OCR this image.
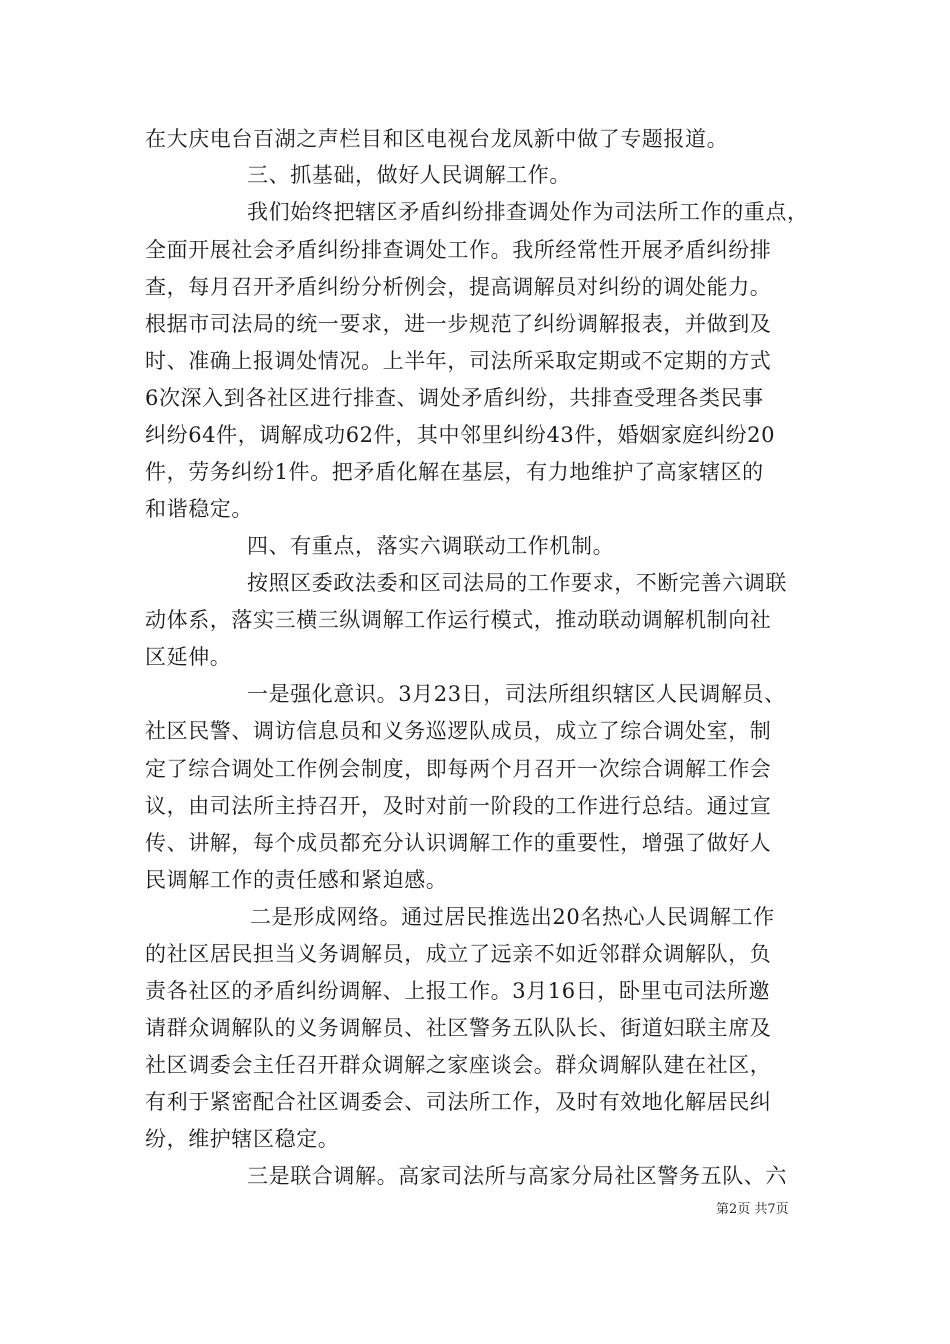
在大庆电台百湖之声栏目和区电视台龙凤新中做了专题报道。
三、抓基础，做好人民调解工作。
我们始终把辖区矛盾纠纷排查调处作为司法所工作的重点，
全面开展社会矛盾纠纷排查调处工作。我所经常性开展矛盾纠纷排
查，每月召开矛盾纠纷分析例会，提高调解员对纠纷的调处能力。
根据市司法局的统一要求，进一步规范了纠纷调解报表，并做到及
时、准确上报调处情况。上半年，司法所采取定期或不定期的方式
6次深入到各社区进行排查、调处矛盾纠纷，共排查受理各类民事
纠纷64件，调解成功62件，其中邻里纠纷43件，婚姻家庭纠纷20
件，劳务纠纷1件。把矛盾化解在基层，有力地维护了高家辖区的
和谐稳定。
四、有重点，落实六调联动工作机制。
按照区委政法委和区司法局的工作要求，不断完善六调联
动体系，落实三横三纵调解工作运行模式，推动联动调解机制向社
区延伸。
一是强化意识。3月23日，司法所组织辖区人民调解员、
社区民警、调访信息员和义务巡逻队成员，成立了综合调处室，制
定了综合调处工作例会制度，即每两个月召开一次综合调解工作会
议，由司法所主持召开，及时对前一阶段的工作进行总结。通过宣
传、讲解，每个成员都充分认识调解工作的重要性，增强了做好人
民调解工作的责任感和紧迫感。
二是形成网络。通过居民推选出20名热心人民调解工作
的社区居民担当义务调解员，成立了远亲不如近邻群众调解队，负
责各社区的矛盾纠纷调解、上报工作。3月16日，卧里屯司法所邀
请群众调解队的义务调解员、社区警务五队队长、街道妇联主席及
社区调委会主任召开群众调解之家座谈会。群众调解队建在社区，
有利于紧密配合社区调委会、司法所工作，及时有效地化解居民纠
纷，维护辖区稳定。
三是联合调解。高家司法所与高家分局社区警务五队、六
第2页 共7页
